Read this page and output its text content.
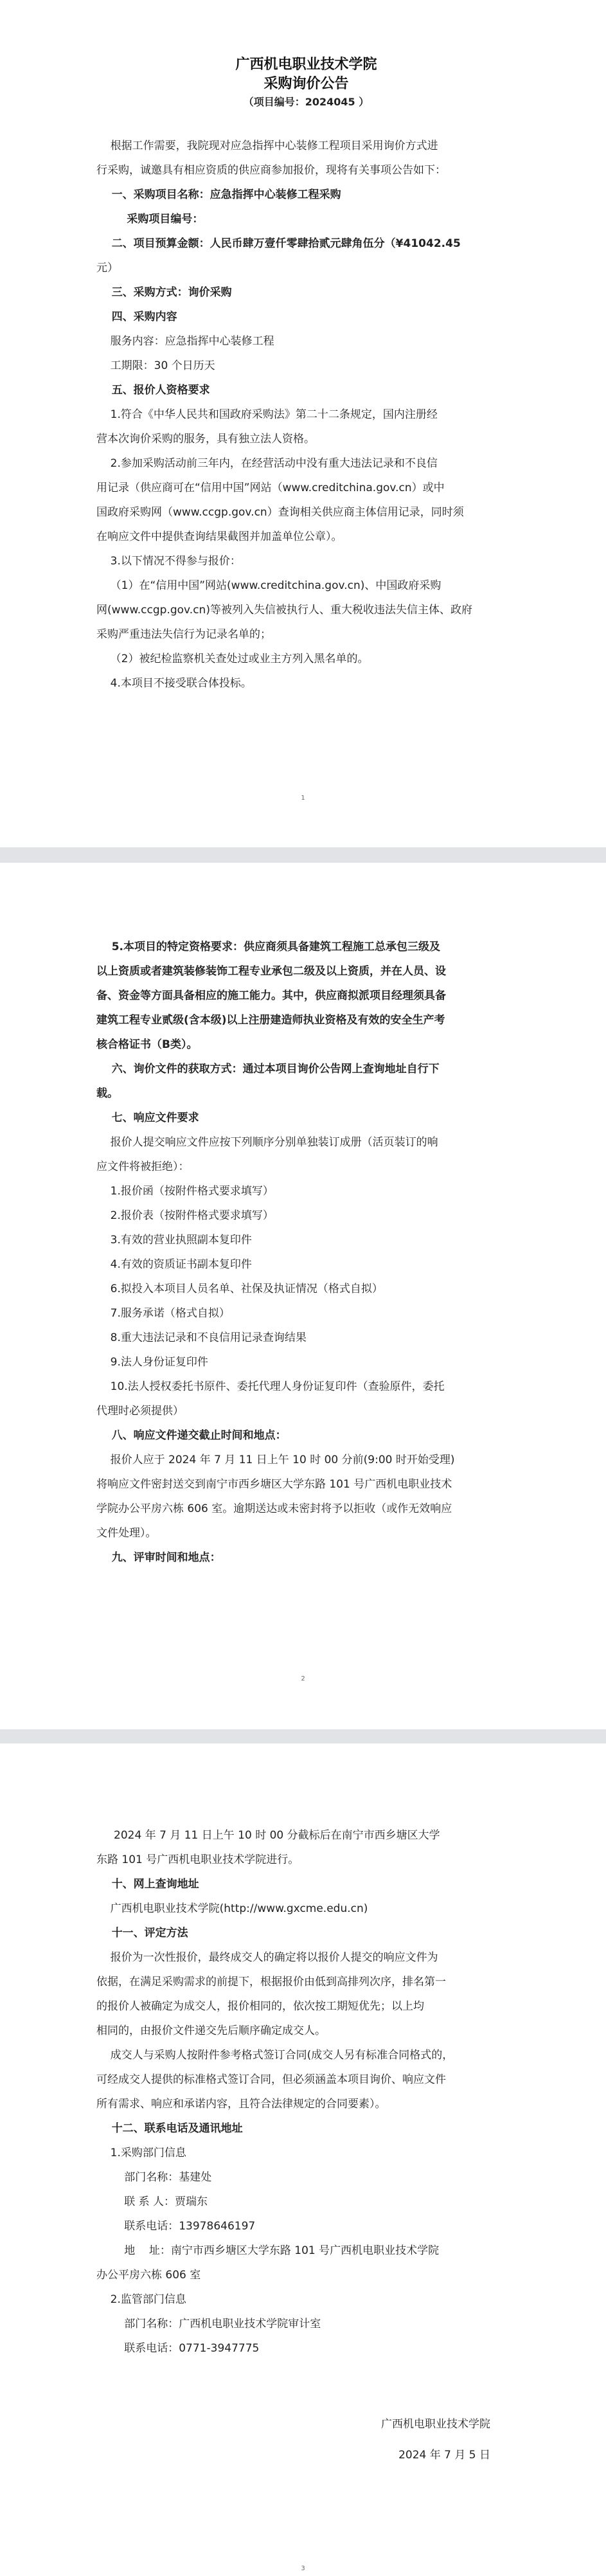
广西机电职业技术学院
采购询价公告
（项目编号：2024045 ）
根据工作需要，我院现对应急指挥中心装修工程项目采用询价方式进
行采购，诚邀具有相应资质的供应商参加报价，现将有关事项公告如下：
一、采购项目名称：应急指挥中心装修工程采购
采购项目编号：
二、项目预算金额：人民币肆万壹仟零肆拾贰元肆角伍分（¥41042.45
元）
三、采购方式：询价采购
四、采购内容
服务内容：应急指挥中心装修工程
工期限：30 个日历天
五、报价人资格要求
1.符合《中华人民共和国政府采购法》第二十二条规定，国内注册经
营本次询价采购的服务，具有独立法人资格。
2.参加采购活动前三年内，在经营活动中没有重大违法记录和不良信
用记录（供应商可在“信用中国”网站（www.creditchina.gov.cn）或中
国政府采购网（www.ccgp.gov.cn）查询相关供应商主体信用记录，同时须
在响应文件中提供查询结果截图并加盖单位公章）。
3.以下情况不得参与报价：
（1）在“信用中国”网站(www.creditchina.gov.cn)、中国政府采购
网(www.ccgp.gov.cn)等被列入失信被执行人、重大税收违法失信主体、政府
采购严重违法失信行为记录名单的；
（2）被纪检监察机关查处过或业主方列入黑名单的。
4.本项目不接受联合体投标。
1
5.本项目的特定资格要求：供应商须具备建筑工程施工总承包三级及
以上资质或者建筑装修装饰工程专业承包二级及以上资质，并在人员、设
备、资金等方面具备相应的施工能力。其中，供应商拟派项目经理须具备
建筑工程专业贰级(含本级)以上注册建造师执业资格及有效的安全生产考
核合格证书（B类）。
六、询价文件的获取方式：通过本项目询价公告网上查询地址自行下
载。
七、响应文件要求
报价人提交响应文件应按下列顺序分别单独装订成册（活页装订的响
应文件将被拒绝）：
1.报价函（按附件格式要求填写）
2.报价表（按附件格式要求填写）
3.有效的营业执照副本复印件
4.有效的资质证书副本复印件
6.拟投入本项目人员名单、社保及执证情况（格式自拟）
7.服务承诺（格式自拟）
8.重大违法记录和不良信用记录查询结果
9.法人身份证复印件
10.法人授权委托书原件、委托代理人身份证复印件（查验原件，委托
代理时必须提供）
八、响应文件递交截止时间和地点：
报价人应于 2024 年 7 月 11 日上午 10 时 00 分前(9:00 时开始受理)
将响应文件密封送交到南宁市西乡塘区大学东路 101 号广西机电职业技术
学院办公平房六栋 606 室。逾期送达或未密封将予以拒收（或作无效响应
文件处理）。
九、评审时间和地点：
2
2024 年 7 月 11 日上午 10 时 00 分截标后在南宁市西乡塘区大学
东路 101 号广西机电职业技术学院进行。
十、网上查询地址
广西机电职业技术学院(http://www.gxcme.edu.cn)
十一、评定方法
报价为一次性报价，最终成交人的确定将以报价人提交的响应文件为
依据，在满足采购需求的前提下，根据报价由低到高排列次序，排名第一
的报价人被确定为成交人，报价相同的，依次按工期短优先；以上均
相同的，由报价文件递交先后顺序确定成交人。
成交人与采购人按附件参考格式签订合同(成交人另有标准合同格式的，
可经成交人提供的标准格式签订合同，但必须涵盖本项目询价、响应文件
所有需求、响应和承诺内容，且符合法律规定的合同要素）。
十二、联系电话及通讯地址
1.采购部门信息
部门名称：基建处
联 系 人：贾瑞东
联系电话：13978646197
地    址：南宁市西乡塘区大学东路 101 号广西机电职业技术学院
办公平房六栋 606 室
2.监管部门信息
部门名称：广西机电职业技术学院审计室
联系电话：0771-3947775
广西机电职业技术学院
2024 年 7 月 5 日
3
